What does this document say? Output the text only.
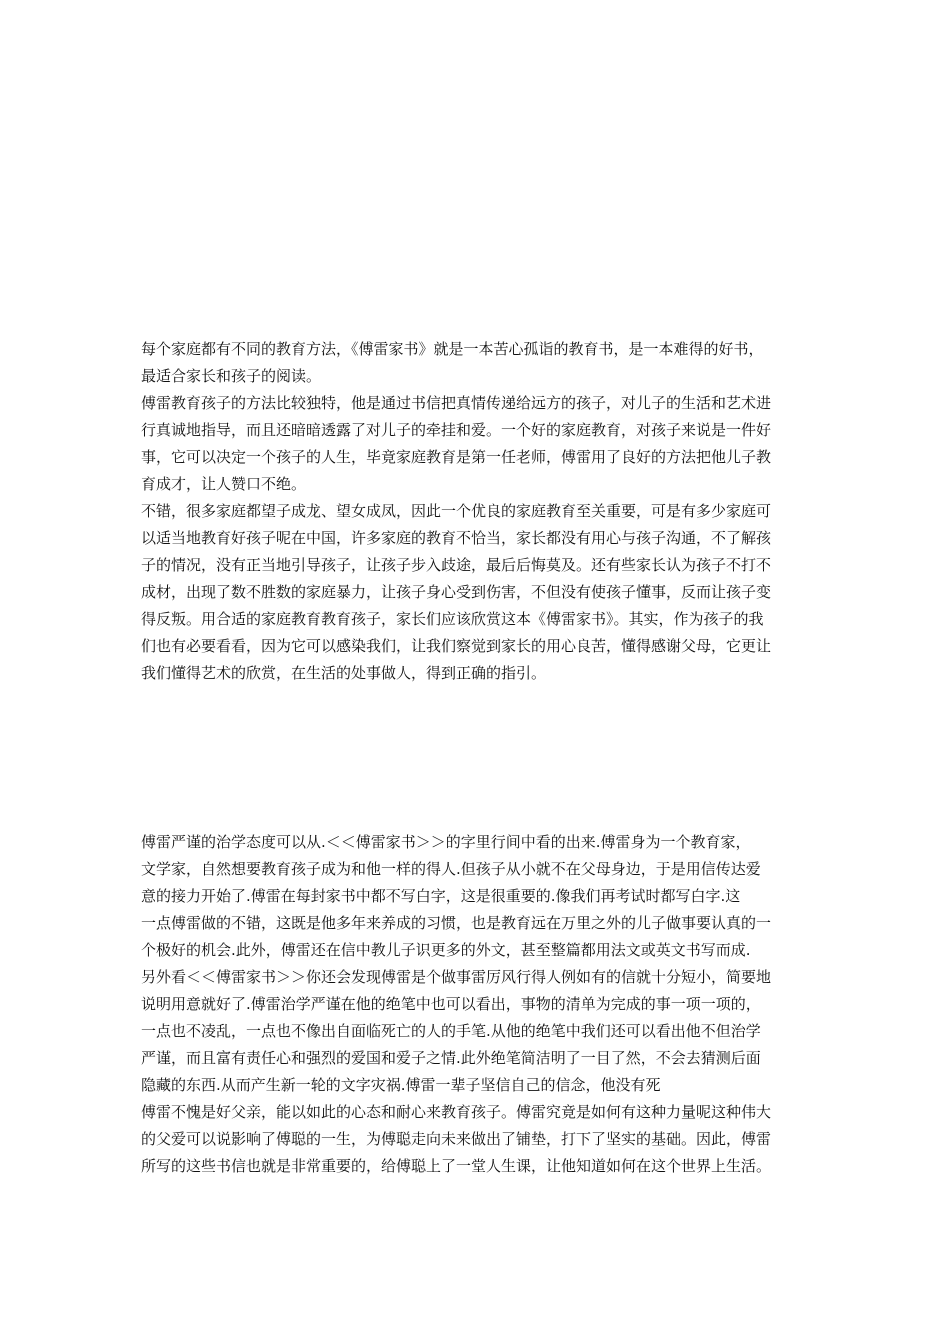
每个家庭都有不同的教育方法，《傅雷家书》就是一本苦心孤诣的教育书，是一本难得的好书，
最适合家长和孩子的阅读。
傅雷教育孩子的方法比较独特，他是通过书信把真情传递给远方的孩子，对儿子的生活和艺术进
行真诚地指导，而且还暗暗透露了对儿子的牵挂和爱。一个好的家庭教育，对孩子来说是一件好
事，它可以决定一个孩子的人生，毕竟家庭教育是第一任老师，傅雷用了良好的方法把他儿子教
育成才，让人赞口不绝。
不错，很多家庭都望子成龙、望女成凤，因此一个优良的家庭教育至关重要，可是有多少家庭可
以适当地教育好孩子呢在中国，许多家庭的教育不恰当，家长都没有用心与孩子沟通，不了解孩
子的情况，没有正当地引导孩子，让孩子步入歧途，最后后悔莫及。还有些家长认为孩子不打不
成材，出现了数不胜数的家庭暴力，让孩子身心受到伤害，不但没有使孩子懂事，反而让孩子变
得反叛。用合适的家庭教育教育孩子，家长们应该欣赏这本《傅雷家书》。其实，作为孩子的我
们也有必要看看，因为它可以感染我们，让我们察觉到家长的用心良苦，懂得感谢父母，它更让
我们懂得艺术的欣赏，在生活的处事做人，得到正确的指引。
傅雷严谨的治学态度可以从.＜＜傅雷家书＞＞的字里行间中看的出来.傅雷身为一个教育家，
文学家，自然想要教育孩子成为和他一样的得人.但孩子从小就不在父母身边，于是用信传达爱
意的接力开始了.傅雷在每封家书中都不写白字，这是很重要的.像我们再考试时都写白字.这
一点傅雷做的不错，这既是他多年来养成的习惯，也是教育远在万里之外的儿子做事要认真的一
个极好的机会.此外，傅雷还在信中教儿子识更多的外文，甚至整篇都用法文或英文书写而成.
另外看＜＜傅雷家书＞＞你还会发现傅雷是个做事雷厉风行得人例如有的信就十分短小，简要地
说明用意就好了.傅雷治学严谨在他的绝笔中也可以看出，事物的清单为完成的事一项一项的，
一点也不凌乱，一点也不像出自面临死亡的人的手笔.从他的绝笔中我们还可以看出他不但治学
严谨，而且富有责任心和强烈的爱国和爱子之情.此外绝笔简洁明了一目了然，不会去猜测后面
隐藏的东西.从而产生新一轮的文字灾祸.傅雷一辈子坚信自己的信念，他没有死
傅雷不愧是好父亲，能以如此的心态和耐心来教育孩子。傅雷究竟是如何有这种力量呢这种伟大
的父爱可以说影响了傅聪的一生，为傅聪走向未来做出了铺垫，打下了坚实的基础。因此，傅雷
所写的这些书信也就是非常重要的，给傅聪上了一堂人生课，让他知道如何在这个世界上生活。
